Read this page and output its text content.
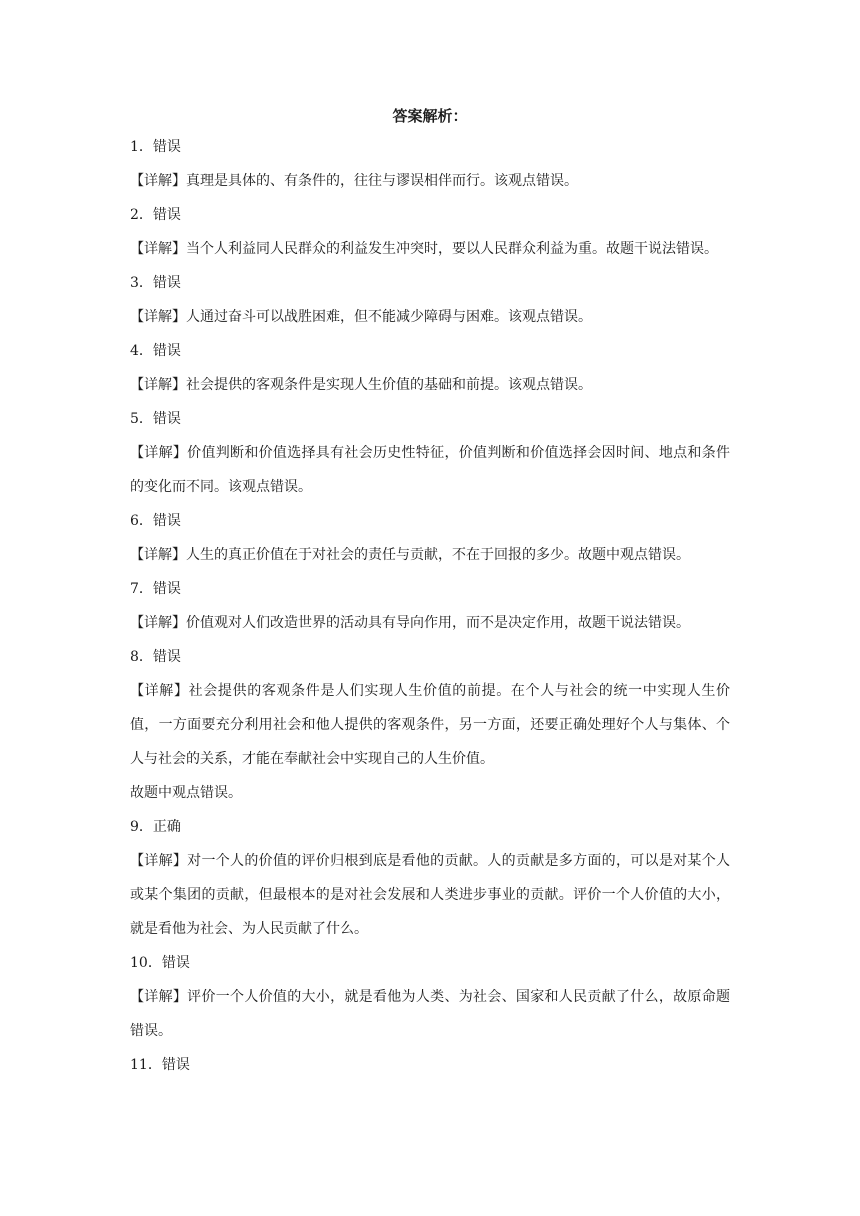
答案解析：
1．错误
【详解】真理是具体的、有条件的，往往与谬误相伴而行。该观点错误。
2．错误
【详解】当个人利益同人民群众的利益发生冲突时，要以人民群众利益为重。故题干说法错误。
3．错误
【详解】人通过奋斗可以战胜困难，但不能减少障碍与困难。该观点错误。
4．错误
【详解】社会提供的客观条件是实现人生价值的基础和前提。该观点错误。
5．错误
【详解】价值判断和价值选择具有社会历史性特征，价值判断和价值选择会因时间、地点和条件的变化而不同。该观点错误。
6．错误
【详解】人生的真正价值在于对社会的责任与贡献，不在于回报的多少。故题中观点错误。
7．错误
【详解】价值观对人们改造世界的活动具有导向作用，而不是决定作用，故题干说法错误。
8．错误
【详解】社会提供的客观条件是人们实现人生价值的前提。在个人与社会的统一中实现人生价值，一方面要充分利用社会和他人提供的客观条件，另一方面，还要正确处理好个人与集体、个人与社会的关系，才能在奉献社会中实现自己的人生价值。
故题中观点错误。
9．正确
【详解】对一个人的价值的评价归根到底是看他的贡献。人的贡献是多方面的，可以是对某个人或某个集团的贡献，但最根本的是对社会发展和人类进步事业的贡献。评价一个人价值的大小，就是看他为社会、为人民贡献了什么。
10．错误
【详解】评价一个人价值的大小，就是看他为人类、为社会、国家和人民贡献了什么，故原命题错误。
11．错误
